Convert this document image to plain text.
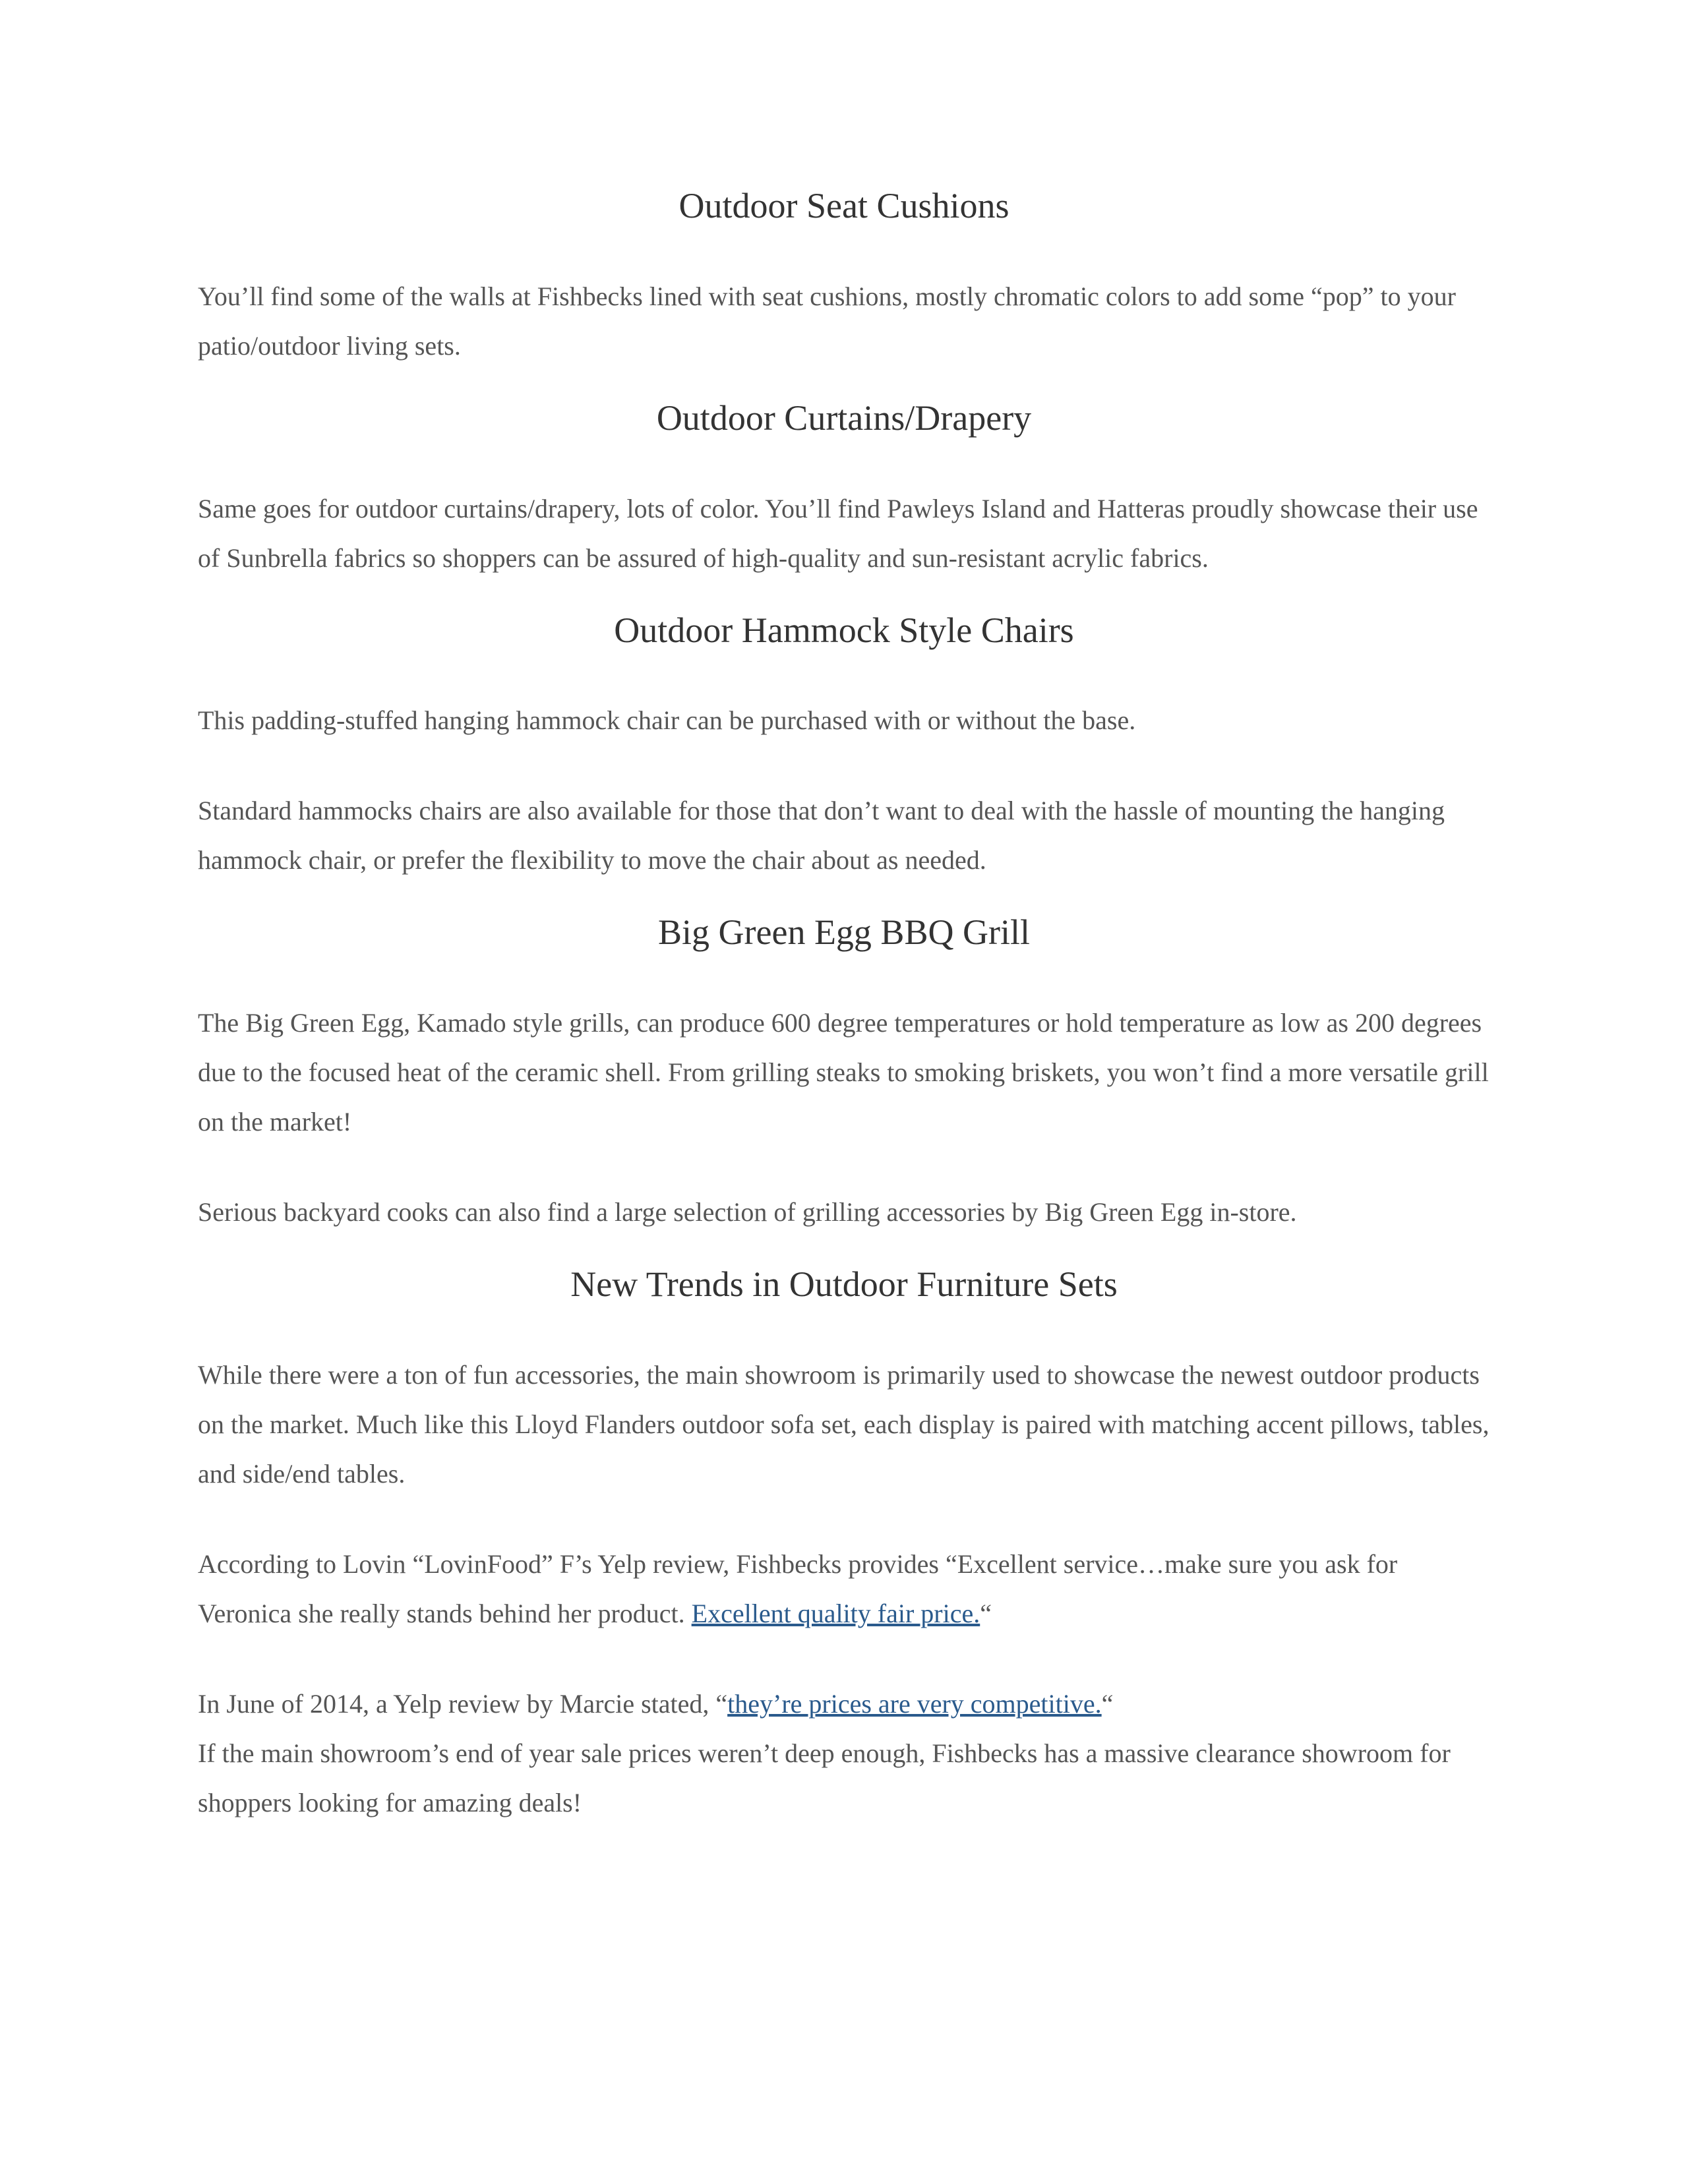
Outdoor Seat Cushions

You’ll find some of the walls at Fishbecks lined with seat cushions, mostly chromatic colors to add some “pop” to your patio/outdoor living sets.

Outdoor Curtains/Drapery

Same goes for outdoor curtains/drapery, lots of color. You’ll find Pawleys Island and Hatteras proudly showcase their use of Sunbrella fabrics so shoppers can be assured of high-quality and sun-resistant acrylic fabrics.

Outdoor Hammock Style Chairs

This padding-stuffed hanging hammock chair can be purchased with or without the base.

Standard hammocks chairs are also available for those that don’t want to deal with the hassle of mounting the hanging hammock chair, or prefer the flexibility to move the chair about as needed.

Big Green Egg BBQ Grill

The Big Green Egg, Kamado style grills, can produce 600 degree temperatures or hold temperature as low as 200 degrees due to the focused heat of the ceramic shell. From grilling steaks to smoking briskets, you won’t find a more versatile grill on the market!

Serious backyard cooks can also find a large selection of grilling accessories by Big Green Egg in-store.

New Trends in Outdoor Furniture Sets

While there were a ton of fun accessories, the main showroom is primarily used to showcase the newest outdoor products on the market. Much like this Lloyd Flanders outdoor sofa set, each display is paired with matching accent pillows, tables, and side/end tables.

According to Lovin “LovinFood” F’s Yelp review, Fishbecks provides “Excellent service…make sure you ask for Veronica she really stands behind her product. Excellent quality fair price.“

In June of 2014, a Yelp review by Marcie stated, “they’re prices are very competitive.“
If the main showroom’s end of year sale prices weren’t deep enough, Fishbecks has a massive clearance showroom for shoppers looking for amazing deals!
